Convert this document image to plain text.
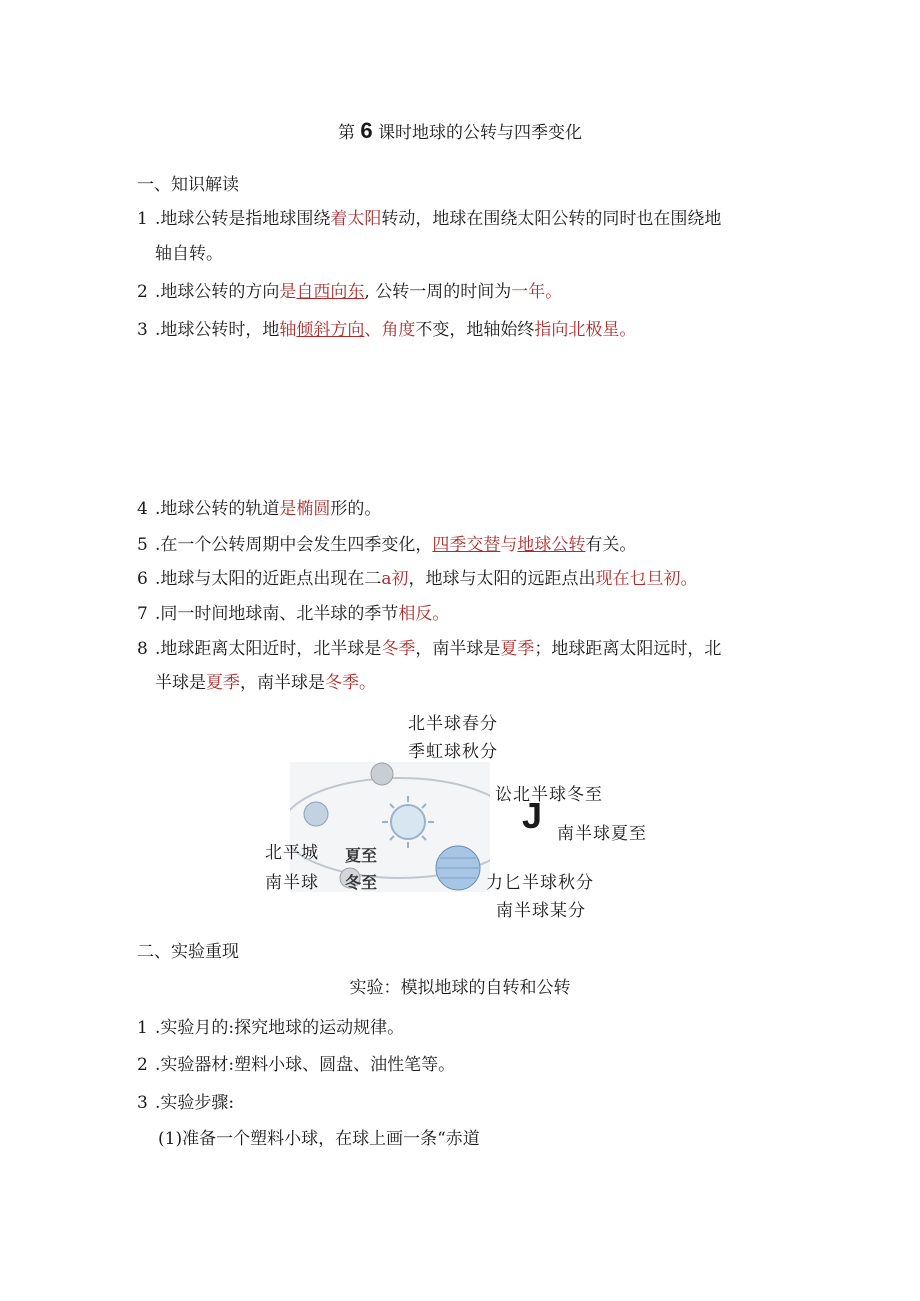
第 6 课时地球的公转与四季变化
一、知识解读
1 .地球公转是指地球围绕着太阳转动，地球在围绕太阳公转的同时也在围绕地
轴自转。
2 .地球公转的方向是自西向东, 公转一周的时间为一年。
3 .地球公转时，地轴倾斜方向、角度不变，地轴始终指向北极星。
4 .地球公转的轨道是椭圆形的。
5 .在一个公转周期中会发生四季变化，四季交替与地球公转有关。
6 .地球与太阳的近距点出现在二a初，地球与太阳的远距点出现在乜旦初。
7 .同一时间地球南、北半球的季节相反。
8 .地球距离太阳近时，北半球是冬季，南半球是夏季；地球距离太阳远时，北
半球是夏季，南半球是冬季。
北半球春分
季虹球秋分
讼北半球冬至
J 南半球夏至
北平城
南半球
夏至
冬至	力匕半球秋分
南半球某分
二、实验重现
实验：模拟地球的自转和公转
1 .实验月的:探究地球的运动规律。
2 .实验器材:塑料小球、圆盘、油性笔等。
3 .实验步骤:
(1)准备一个塑料小球，在球上画一条“赤道
